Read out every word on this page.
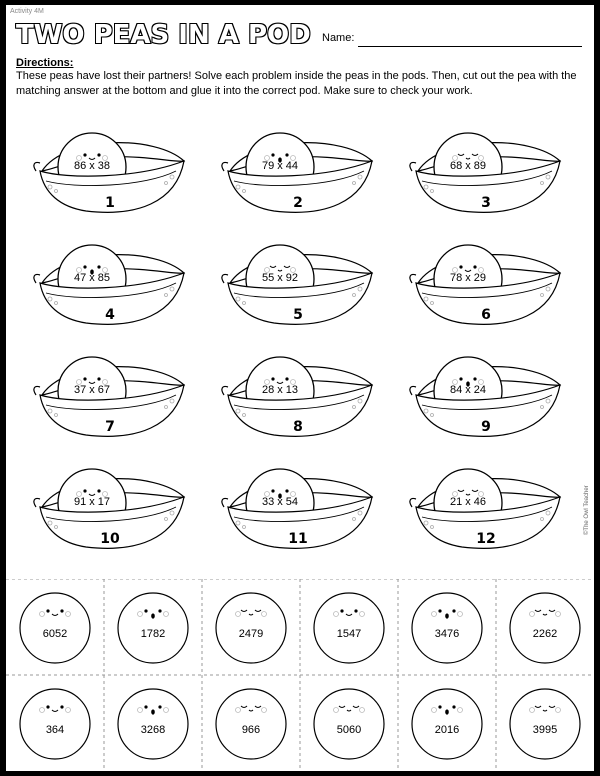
Activity 4M
TWO PEAS IN A POD Name:
Directions:
These peas have lost their partners! Solve each problem inside the peas in the pods. Then, cut out the pea with the matching answer at the bottom and glue it into the correct pod. Make sure to check your work.
86 x 38
1
79 x 44
2
68 x 89
3
47 x 85
4
55 x 92
5
78 x 29
6
37 x 67
7
28 x 13
8
84 x 24
9
91 x 17
10
33 x 54
11
21 x 46
12
6052	1782	2479	1547	3476	2262
364	3268	966	5060	2016	3995
©The Owl Teacher
